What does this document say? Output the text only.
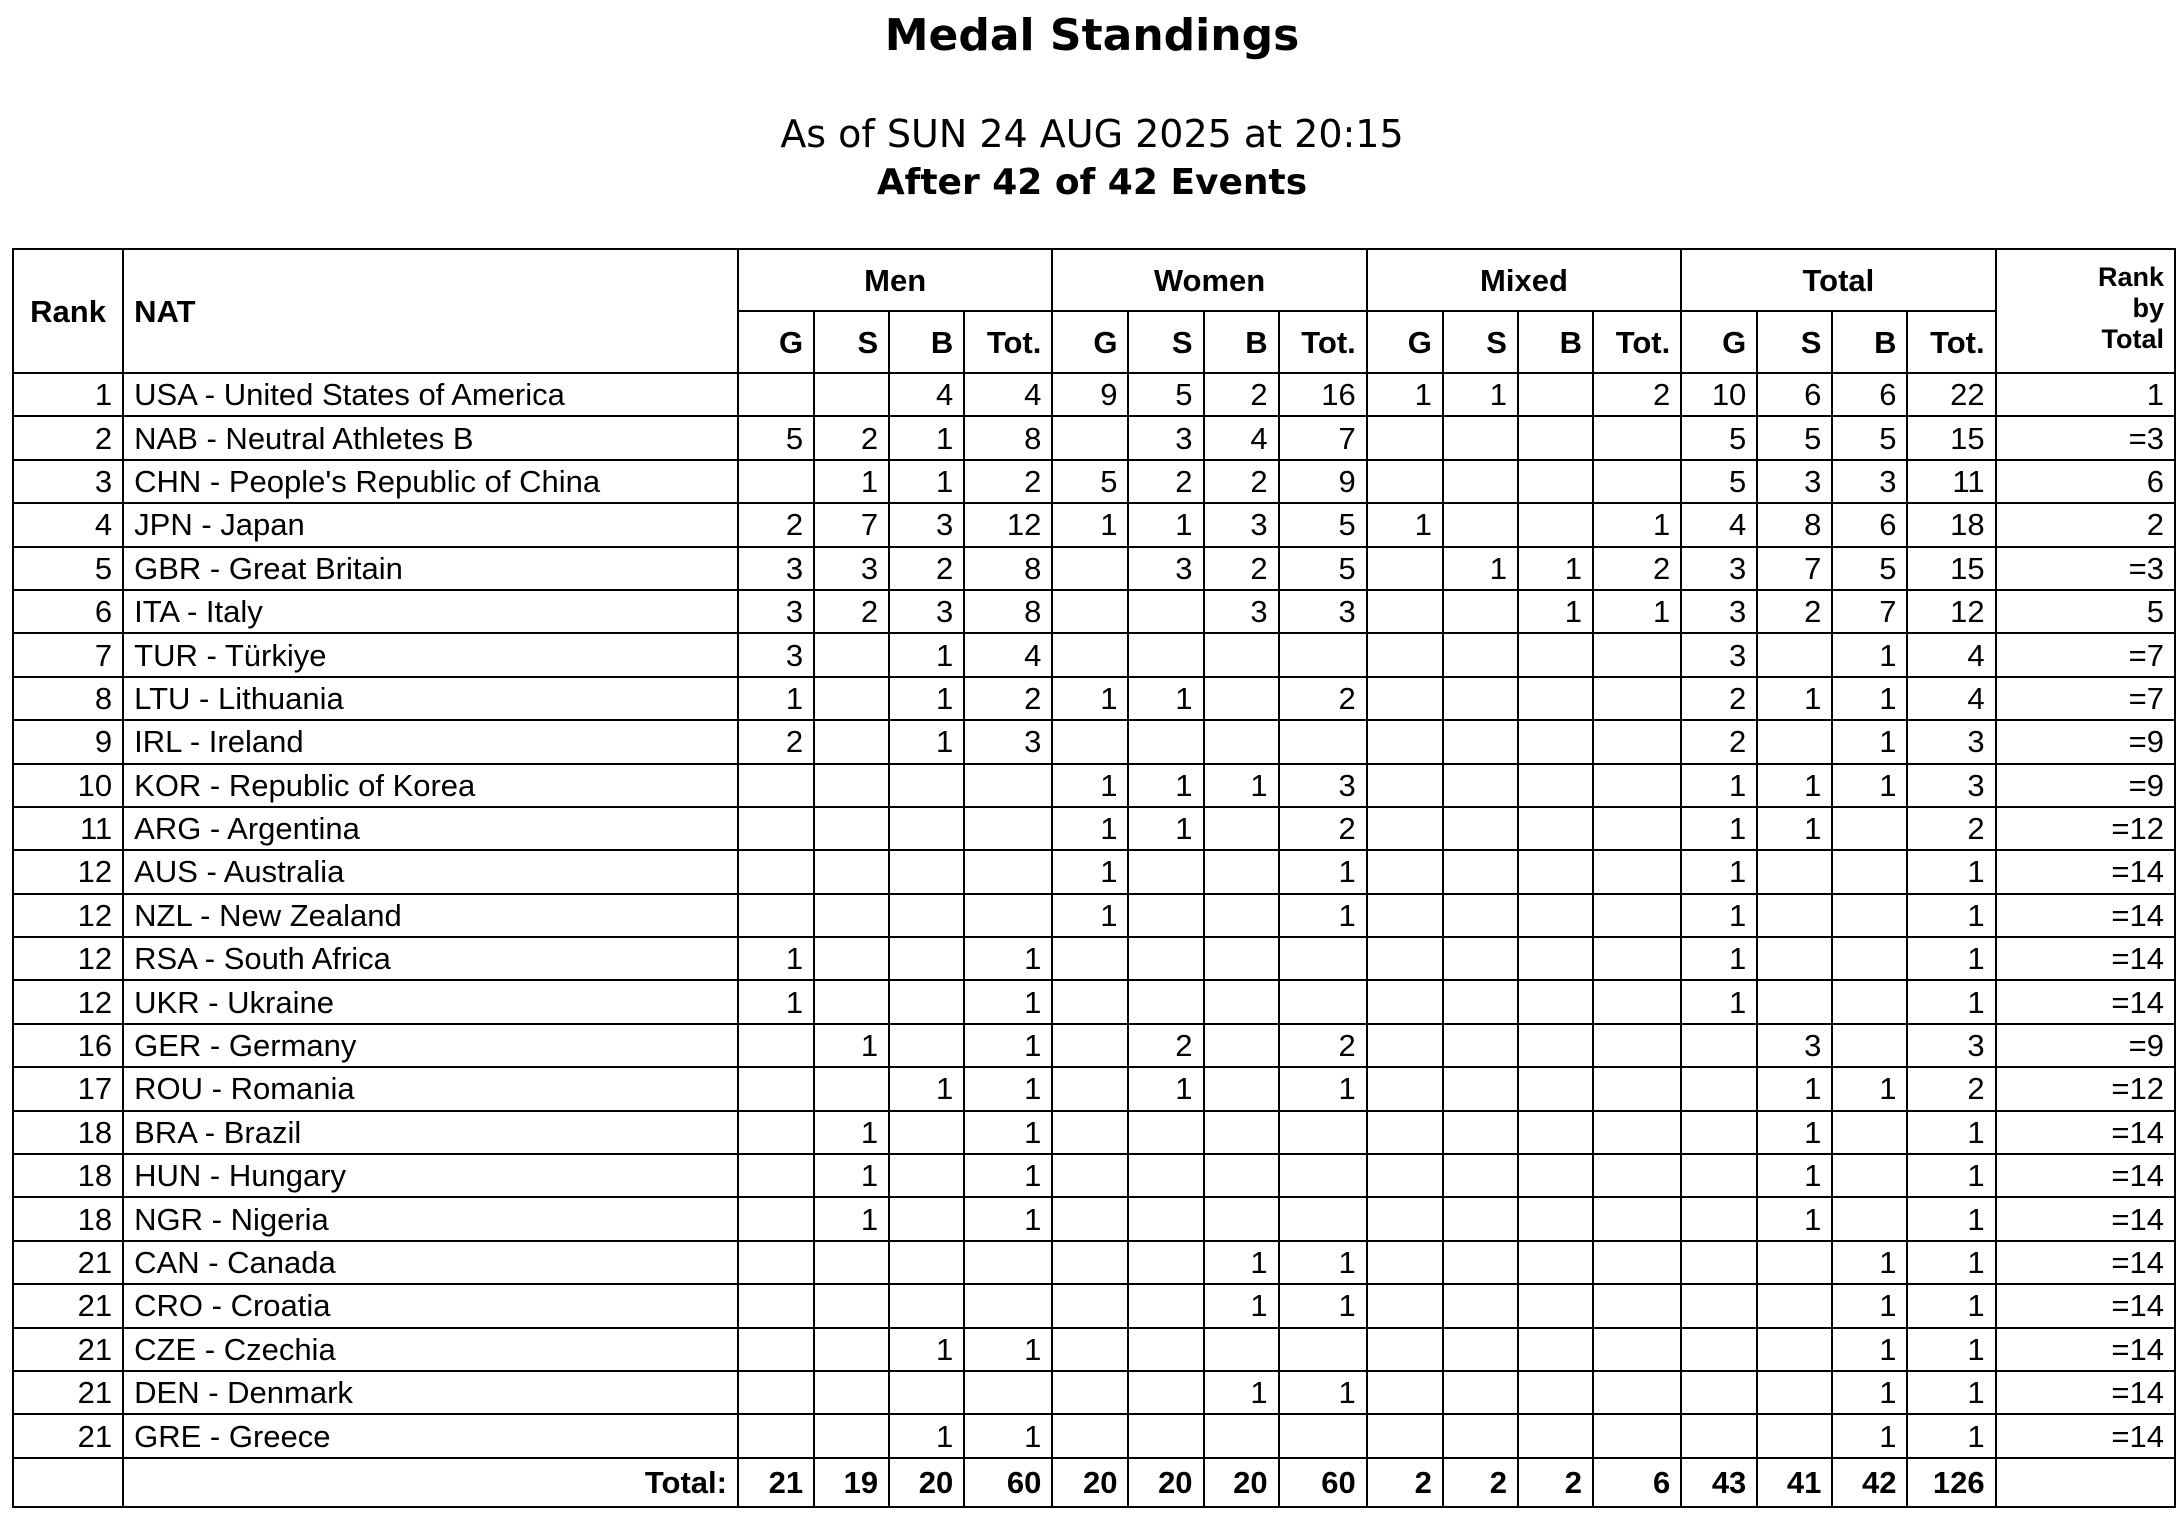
Medal Standings
As of SUN 24 AUG 2025 at 20:15
After 42 of 42 Events
Rank	NAT	Men				Women				Mixed				Total				Rank
by
Total
		G	S	B	Tot.	G	S	B	Tot.	G	S	B	Tot.	G	S	B	Tot.	
1	USA - United States of America			4	4	9	5	2	16	1	1		2	10	6	6	22	1
2	NAB - Neutral Athletes B	5	2	1	8		3	4	7					5	5	5	15	=3
3	CHN - People's Republic of China		1	1	2	5	2	2	9					5	3	3	11	6
4	JPN - Japan	2	7	3	12	1	1	3	5	1			1	4	8	6	18	2
5	GBR - Great Britain	3	3	2	8		3	2	5		1	1	2	3	7	5	15	=3
6	ITA - Italy	3	2	3	8			3	3			1	1	3	2	7	12	5
7	TUR - Türkiye	3		1	4									3		1	4	=7
8	LTU - Lithuania	1		1	2	1	1		2					2	1	1	4	=7
9	IRL - Ireland	2		1	3									2		1	3	=9
10	KOR - Republic of Korea					1	1	1	3					1	1	1	3	=9
11	ARG - Argentina					1	1		2					1	1		2	=12
12	AUS - Australia					1			1					1			1	=14
12	NZL - New Zealand					1			1					1			1	=14
12	RSA - South Africa	1			1									1			1	=14
12	UKR - Ukraine	1			1									1			1	=14
16	GER - Germany		1		1		2		2						3		3	=9
17	ROU - Romania			1	1		1		1						1	1	2	=12
18	BRA - Brazil		1		1										1		1	=14
18	HUN - Hungary		1		1										1		1	=14
18	NGR - Nigeria		1		1										1		1	=14
21	CAN - Canada							1	1							1	1	=14
21	CRO - Croatia							1	1							1	1	=14
21	CZE - Czechia			1	1											1	1	=14
21	DEN - Denmark							1	1							1	1	=14
21	GRE - Greece			1	1											1	1	=14
	Total:	21	19	20	60	20	20	20	60	2	2	2	6	43	41	42	126	
